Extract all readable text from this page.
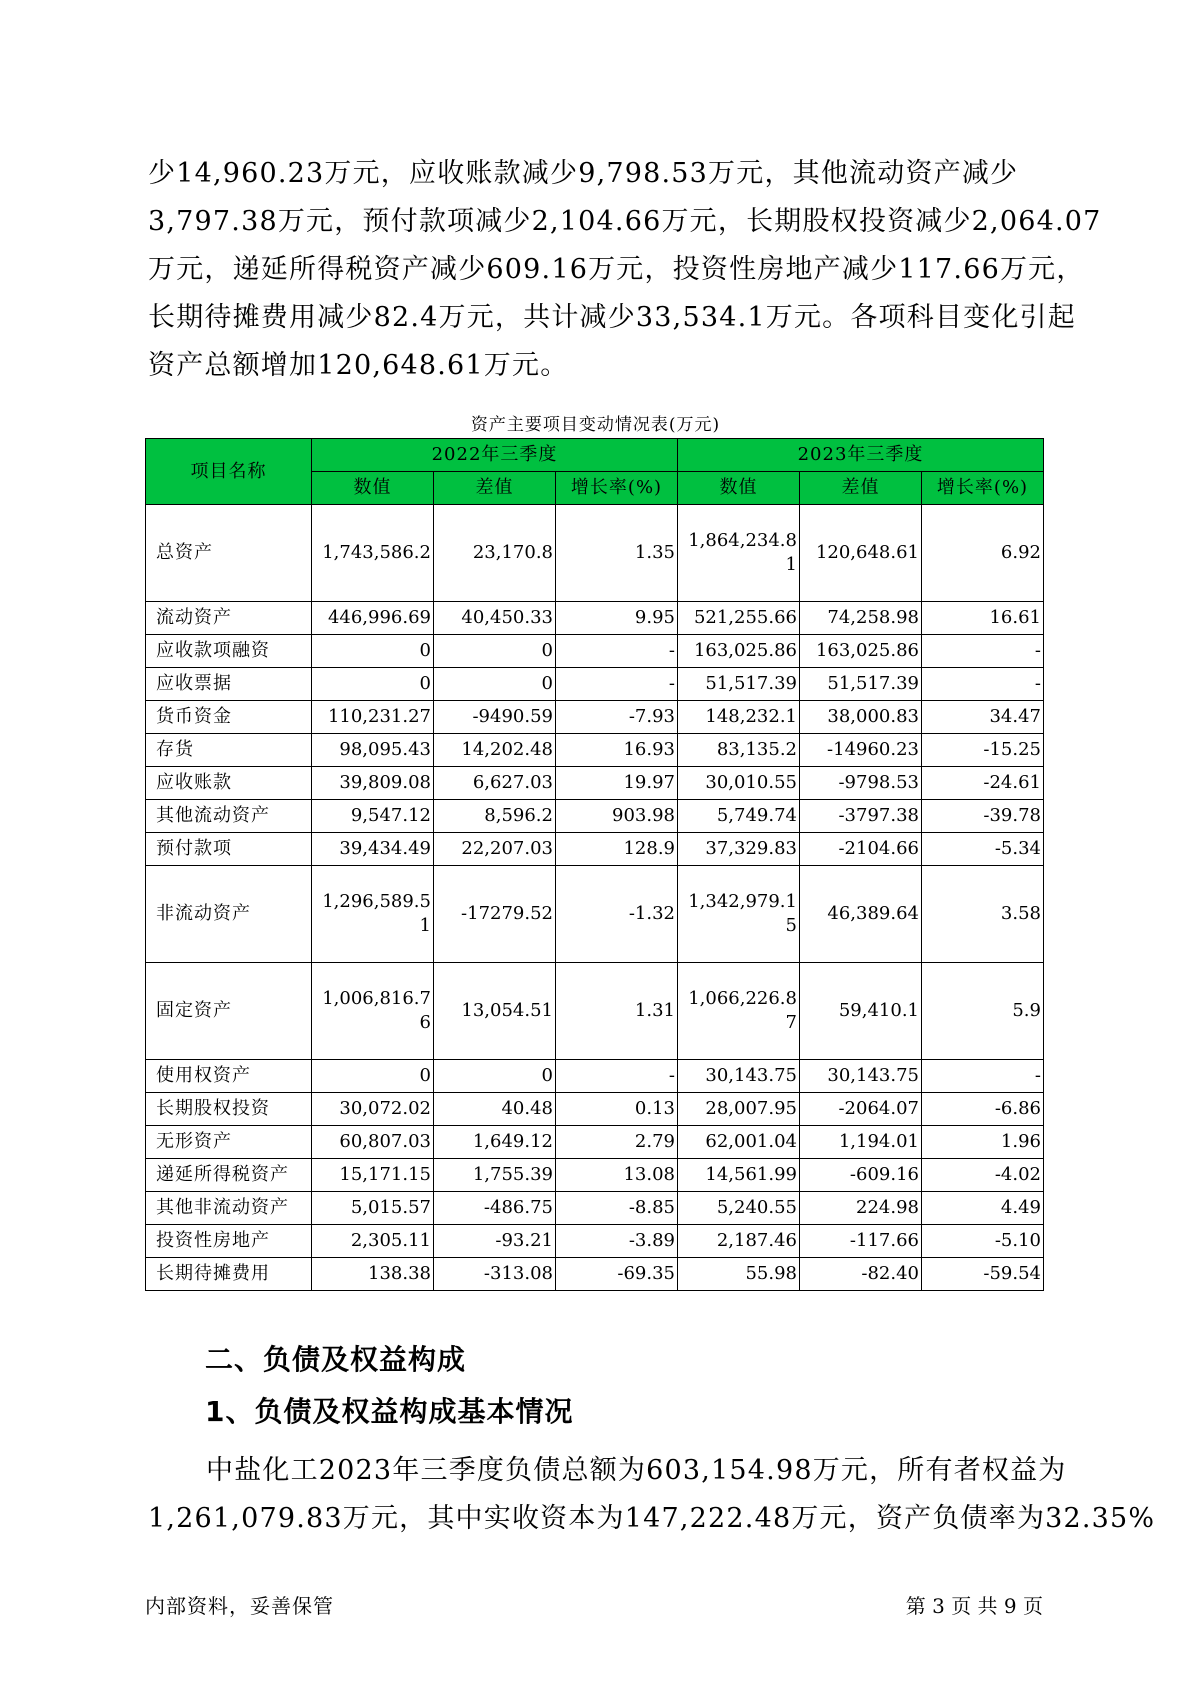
少14,960.23万元，应收账款减少9,798.53万元，其他流动资产减少
3,797.38万元，预付款项减少2,104.66万元，长期股权投资减少2,064.07
万元，递延所得税资产减少609.16万元，投资性房地产减少117.66万元，
长期待摊费用减少82.4万元，共计减少33,534.1万元。各项科目变化引起
资产总额增加120,648.61万元。
资产主要项目变动情况表(万元)
项目名称	2022年三季度			2023年三季度		
	数值	差值	增长率(%)	数值	差值	增长率(%)
总资产	1,743,586.2	23,170.8	1.35	1,864,234.81	120,648.61	6.92
流动资产	446,996.69	40,450.33	9.95	521,255.66	74,258.98	16.61
应收款项融资	0	0	-	163,025.86	163,025.86	-
应收票据	0	0	-	51,517.39	51,517.39	-
货币资金	110,231.27	-9490.59	-7.93	148,232.1	38,000.83	34.47
存货	98,095.43	14,202.48	16.93	83,135.2	-14960.23	-15.25
应收账款	39,809.08	6,627.03	19.97	30,010.55	-9798.53	-24.61
其他流动资产	9,547.12	8,596.2	903.98	5,749.74	-3797.38	-39.78
预付款项	39,434.49	22,207.03	128.9	37,329.83	-2104.66	-5.34
非流动资产	1,296,589.51	-17279.52	-1.32	1,342,979.15	46,389.64	3.58
固定资产	1,006,816.76	13,054.51	1.31	1,066,226.87	59,410.1	5.9
使用权资产	0	0	-	30,143.75	30,143.75	-
长期股权投资	30,072.02	40.48	0.13	28,007.95	-2064.07	-6.86
无形资产	60,807.03	1,649.12	2.79	62,001.04	1,194.01	1.96
递延所得税资产	15,171.15	1,755.39	13.08	14,561.99	-609.16	-4.02
其他非流动资产	5,015.57	-486.75	-8.85	5,240.55	224.98	4.49
投资性房地产	2,305.11	-93.21	-3.89	2,187.46	-117.66	-5.10
长期待摊费用	138.38	-313.08	-69.35	55.98	-82.40	-59.54
二、负债及权益构成
1、负债及权益构成基本情况
中盐化工2023年三季度负债总额为603,154.98万元，所有者权益为
1,261,079.83万元，其中实收资本为147,222.48万元，资产负债率为32.35%
内部资料，妥善保管	第 3 页 共 9 页
